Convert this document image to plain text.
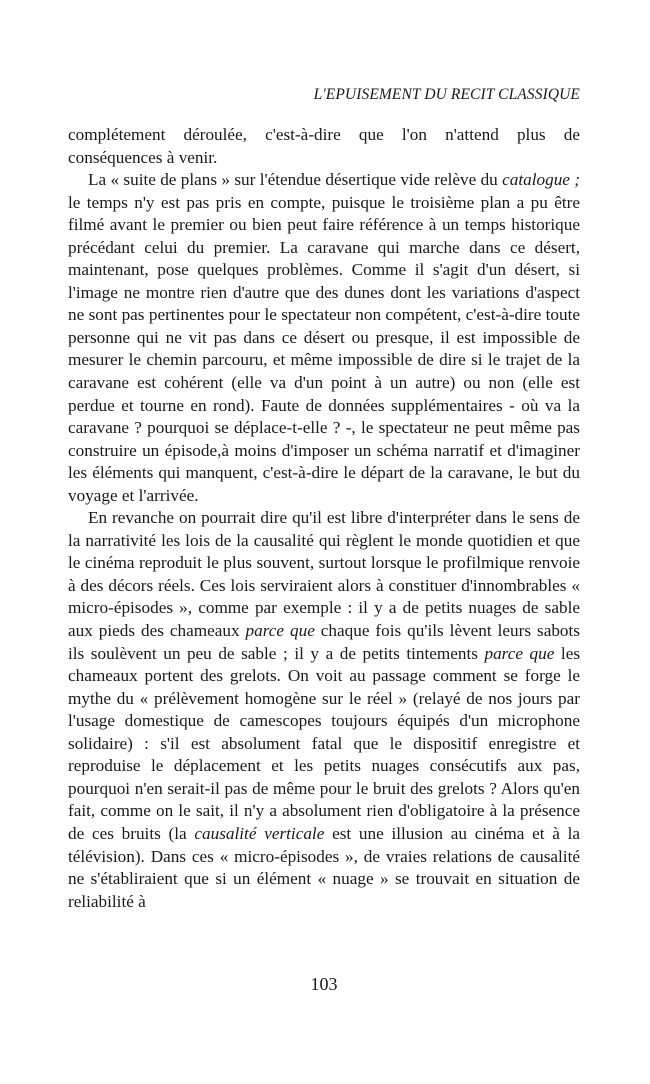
L'EPUISEMENT DU RECIT CLASSIQUE

complétement déroulée, c'est-à-dire que l'on n'attend plus de conséquences à venir.

La « suite de plans » sur l'étendue désertique vide relève du catalogue ; le temps n'y est pas pris en compte, puisque le troisième plan a pu être filmé avant le premier ou bien peut faire référence à un temps historique précédant celui du premier. La caravane qui marche dans ce désert, maintenant, pose quelques problèmes. Comme il s'agit d'un désert, si l'image ne montre rien d'autre que des dunes dont les variations d'aspect ne sont pas pertinentes pour le spectateur non compétent, c'est-à-dire toute personne qui ne vit pas dans ce désert ou presque, il est impossible de mesurer le chemin parcouru, et même impossible de dire si le trajet de la caravane est cohérent (elle va d'un point à un autre) ou non (elle est perdue et tourne en rond). Faute de données supplémentaires - où va la caravane ? pourquoi se déplace-t-elle ? -, le spectateur ne peut même pas construire un épisode,à moins d'imposer un schéma narratif et d'imaginer les éléments qui manquent, c'est-à-dire le départ de la caravane, le but du voyage et l'arrivée.

En revanche on pourrait dire qu'il est libre d'interpréter dans le sens de la narrativité les lois de la causalité qui règlent le monde quotidien et que le cinéma reproduit le plus souvent, surtout lorsque le profilmique renvoie à des décors réels. Ces lois serviraient alors à constituer d'innombrables « micro-épisodes », comme par exemple : il y a de petits nuages de sable aux pieds des chameaux parce que chaque fois qu'ils lèvent leurs sabots ils soulèvent un peu de sable ; il y a de petits tintements parce que les chameaux portent des grelots. On voit au passage comment se forge le mythe du « prélèvement homogène sur le réel » (relayé de nos jours par l'usage domestique de camescopes toujours équipés d'un microphone solidaire) : s'il est absolument fatal que le dispositif enregistre et reproduise le déplacement et les petits nuages consécutifs aux pas, pourquoi n'en serait-il pas de même pour le bruit des grelots ? Alors qu'en fait, comme on le sait, il n'y a absolument rien d'obligatoire à la présence de ces bruits (la causalité verticale est une illusion au cinéma et à la télévision). Dans ces « micro-épisodes », de vraies relations de causalité ne s'établiraient que si un élément « nuage » se trouvait en situation de reliabilité à

103
